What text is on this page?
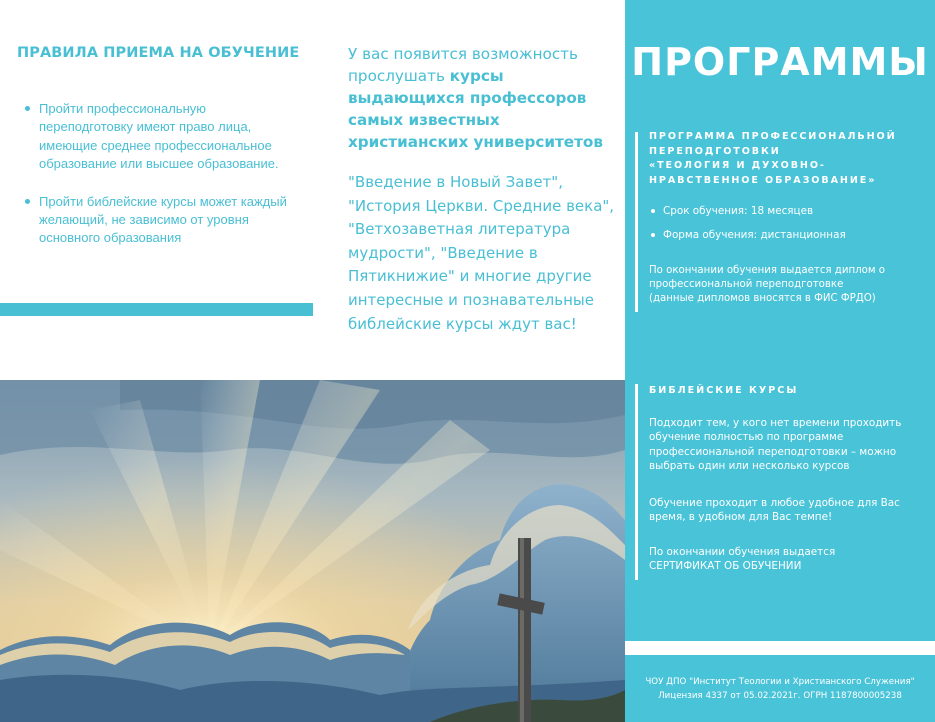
ПРАВИЛА ПРИЕМА НА ОБУЧЕНИЕ
Пройти профессиональную переподготовку имеют право лица, имеющие среднее профессиональное образование или высшее образование.
Пройти библейские курсы может каждый желающий, не зависимо от уровня основного образования

У вас появится возможность прослушать курсы выдающихся профессоров самых известных христианских университетов

"Введение в Новый Завет", "История Церкви. Средние века", "Ветхозаветная литература мудрости", "Введение в Пятикнижие" и многие другие интересные и познавательные библейские курсы ждут вас!

ПРОГРАММЫ
ПРОГРАММА ПРОФЕССИОНАЛЬНОЙ ПЕРЕПОДГОТОВКИ
«ТЕОЛОГИЯ И ДУХОВНО-НРАВСТВЕННОЕ ОБРАЗОВАНИЕ»
Срок обучения: 18 месяцев
Форма обучения: дистанционная
По окончании обучения выдается диплом о профессиональной переподготовке
(данные дипломов вносятся в ФИС ФРДО)
БИБЛЕЙСКИЕ КУРСЫ

Подходит тем, у кого нет времени проходить обучение полностью по программе профессиональной переподготовки – можно выбрать один или несколько курсов

Обучение проходит в любое удобное для Вас время, в удобном для Вас темпе!

По окончании обучения выдается
СЕРТИФИКАТ ОБ ОБУЧЕНИИ
ЧОУ ДПО "Институт Теологии и Христианского Служения"
Лицензия 4337 от 05.02.2021г. ОГРН 1187800005238
